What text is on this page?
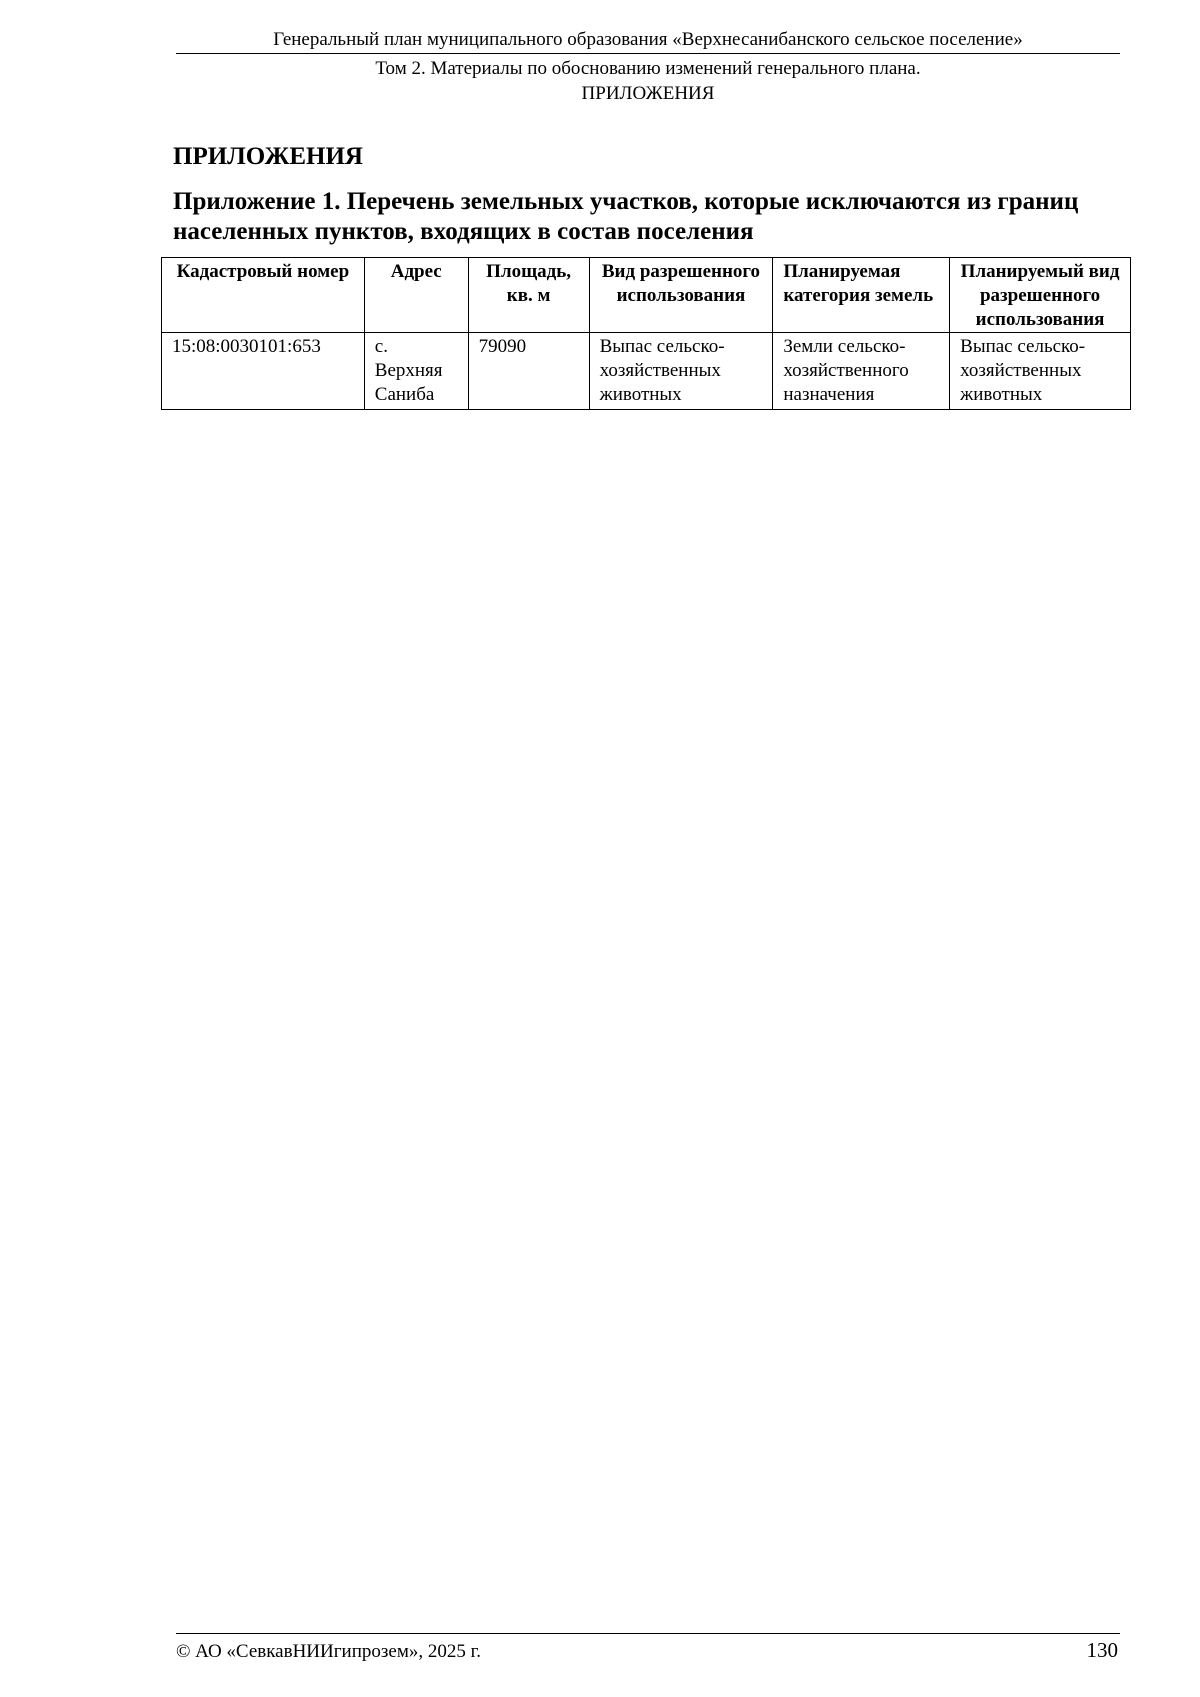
Генеральный план муниципального образования «Верхнесанибанского сельское поселение»
Том 2. Материалы по обоснованию изменений генерального плана.
ПРИЛОЖЕНИЯ
ПРИЛОЖЕНИЯ
Приложение 1. Перечень земельных участков, которые исключаются из границ населенных пунктов, входящих в состав поселения
Кадастровый номер	Адрес	Площадь, кв. м	Вид разрешенного использования	Планируемая категория земель	Планируемый вид разрешенного использования
15:08:0030101:653	с. Верхняя Саниба	79090	Выпас сельско-хозяйственных животных	Земли сельско-хозяйственного назначения	Выпас сельско-хозяйственных животных
© АО «СевкавНИИгипрозем», 2025 г.	130
